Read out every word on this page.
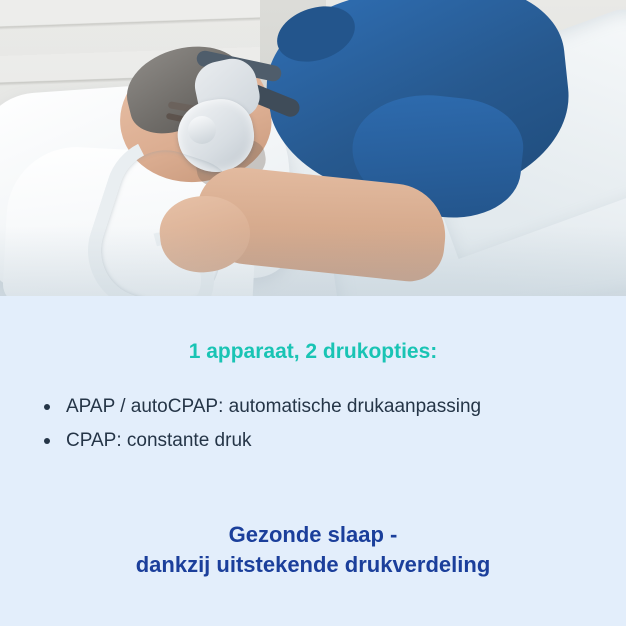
1 apparaat, 2 drukopties:
APAP / autoCPAP: automatische drukaanpassing
CPAP: constante druk

Gezonde slaap -
dankzij uitstekende drukverdeling
